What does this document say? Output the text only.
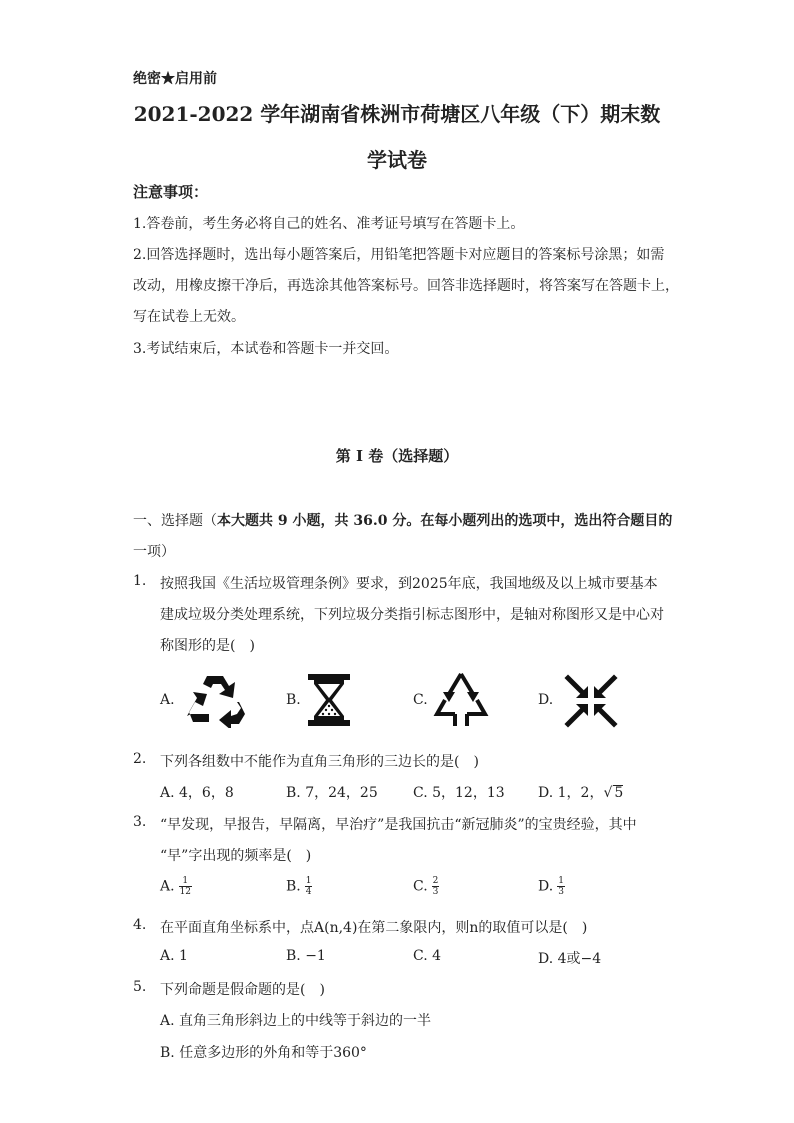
绝密★启用前
2021-2022 学年湖南省株洲市荷塘区八年级（下）期末数
学试卷
注意事项：
1.答卷前，考生务必将自己的姓名、准考证号填写在答题卡上。
2.回答选择题时，选出每小题答案后，用铅笔把答题卡对应题目的答案标号涂黑；如需
改动，用橡皮擦干净后，再选涂其他答案标号。回答非选择题时，将答案写在答题卡上，
写在试卷上无效。
3.考试结束后，本试卷和答题卡一并交回。
第 I 卷（选择题）
一、选择题（本大题共 9 小题，共 36.0 分。在每小题列出的选项中，选出符合题目的
一项）
1. 按照我国《生活垃圾管理条例》要求，到2025年底，我国地级及以上城市要基本
建成垃圾分类处理系统，下列垃圾分类指引标志图形中，是轴对称图形又是中心对
称图形的是(　)
A.	B.	C.	D.
2. 下列各组数中不能作为直角三角形的三边长的是(　)
A. 4，6，8	B. 7，24，25	C. 5，12，13 D. 1，2，√ 5
3. “早发现，早报告，早隔离，早治疗”是我国抗击“新冠肺炎”的宝贵经验，其中
“早”字出现的频率是(　)
A. $\frac{1}{12}$	B. $\frac{1}{4}$	C. $\frac{2}{3}$	D. $\frac{1}{3}$
4. 在平面直角坐标系中，点A(n,4)在第二象限内，则n的取值可以是(　)
A. 1	B. −1	C. 4	D. 4或−4
5. 下列命题是假命题的是(　)
A. 直角三角形斜边上的中线等于斜边的一半
B. 任意多边形的外角和等于360°
